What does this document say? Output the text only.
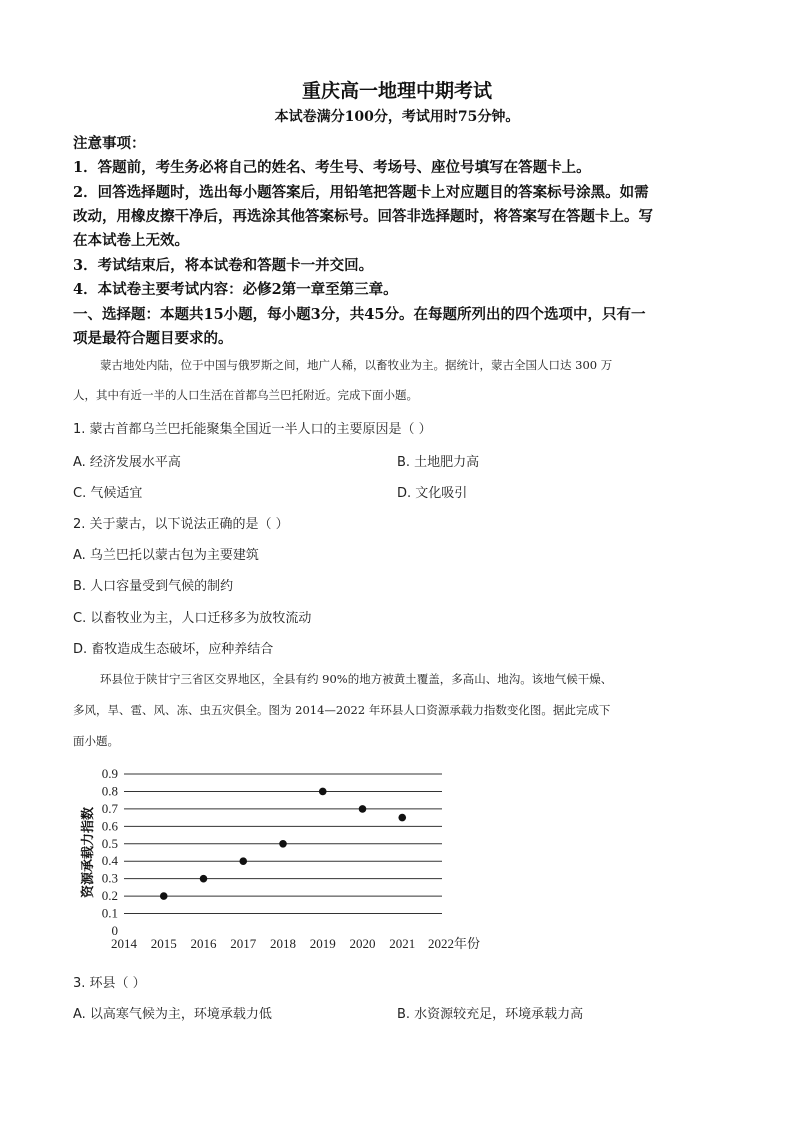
重庆高一地理中期考试
本试卷满分100分，考试用时75分钟。
注意事项：
1．答题前，考生务必将自己的姓名、考生号、考场号、座位号填写在答题卡上。
2．回答选择题时，选出每小题答案后，用铅笔把答题卡上对应题目的答案标号涂黑。如需
改动，用橡皮擦干净后，再选涂其他答案标号。回答非选择题时，将答案写在答题卡上。写
在本试卷上无效。
3．考试结束后，将本试卷和答题卡一并交回。
4．本试卷主要考试内容：必修2第一章至第三章。
一、选择题：本题共15小题，每小题3分，共45分。在每题所列出的四个选项中，只有一
项是最符合题目要求的。
蒙古地处内陆，位于中国与俄罗斯之间，地广人稀，以畜牧业为主。据统计，蒙古全国人口达 300 万
人，其中有近一半的人口生活在首都乌兰巴托附近。完成下面小题。
1. 蒙古首都乌兰巴托能聚集全国近一半人口的主要原因是（ ）
A. 经济发展水平高	B. 土地肥力高
C. 气候适宜	D. 文化吸引
2. 关于蒙古，以下说法正确的是（ ）
A. 乌兰巴托以蒙古包为主要建筑
B. 人口容量受到气候的制约
C. 以畜牧业为主，人口迁移多为放牧流动
D. 畜牧造成生态破坏，应种养结合
环县位于陕甘宁三省区交界地区，全县有约 90%的地方被黄土覆盖，多高山、地沟。该地气候干燥、
多风，旱、雹、风、冻、虫五灾俱全。图为 2014—2022 年环县人口资源承载力指数变化图。据此完成下
面小题。
0
0.1
0.2
0.3
0.4
0.5
0.6
0.7
0.8
0.9
2014 2015 2016 2017 2018 2019 2020 2021 2022年份
资源承载力指数
3. 环县（ ）
A. 以高寒气候为主，环境承载力低	B. 水资源较充足，环境承载力高
